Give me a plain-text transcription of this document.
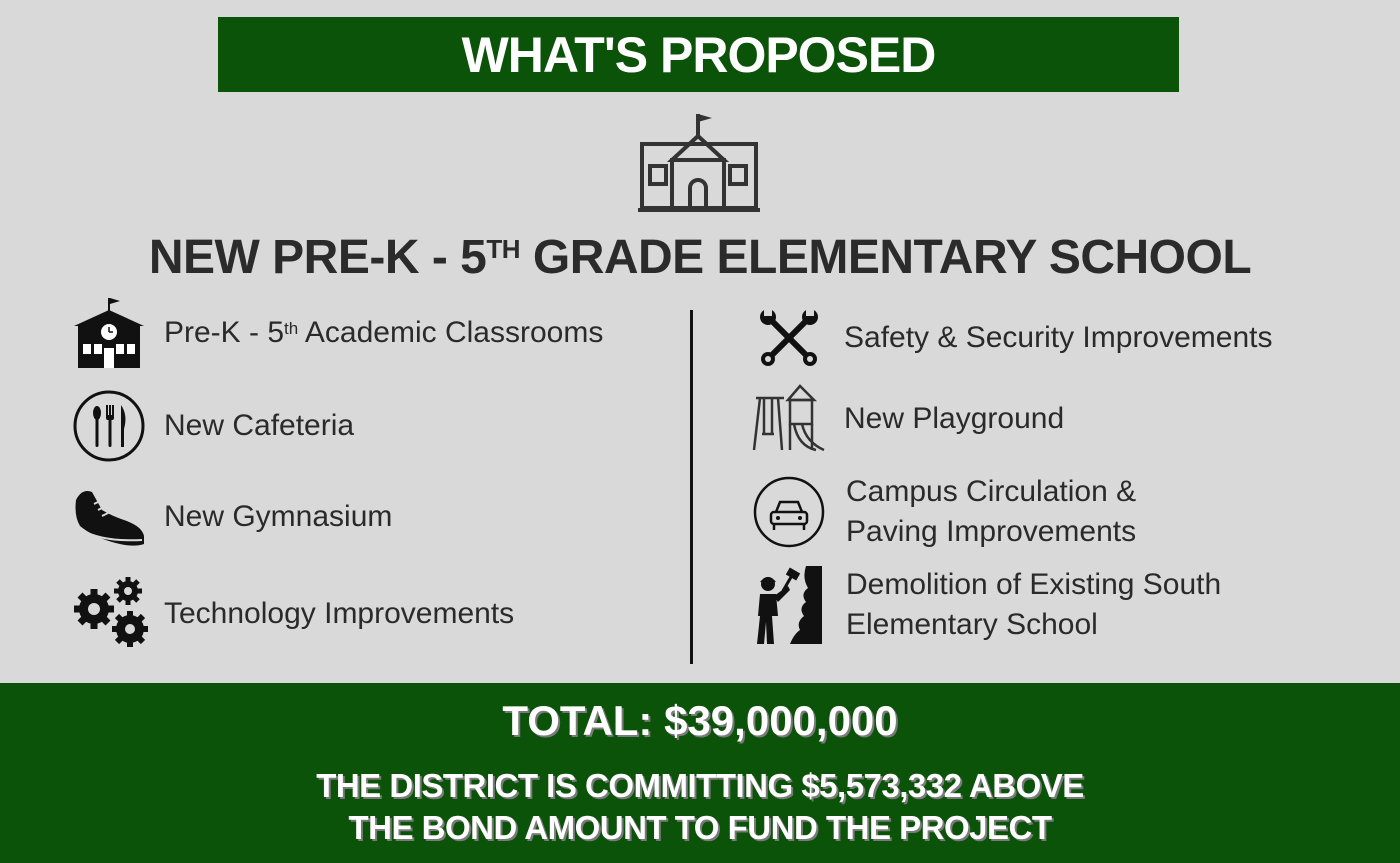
WHAT'S PROPOSED
NEW PRE-K - 5TH GRADE ELEMENTARY SCHOOL
Pre-K - 5th Academic Classrooms
New Cafeteria
New Gymnasium
Technology Improvements
Safety & Security Improvements
New Playground
Campus Circulation &
Paving Improvements
Demolition of Existing South
Elementary School
TOTAL: $39,000,000
THE DISTRICT IS COMMITTING $5,573,332 ABOVE
THE BOND AMOUNT TO FUND THE PROJECT
